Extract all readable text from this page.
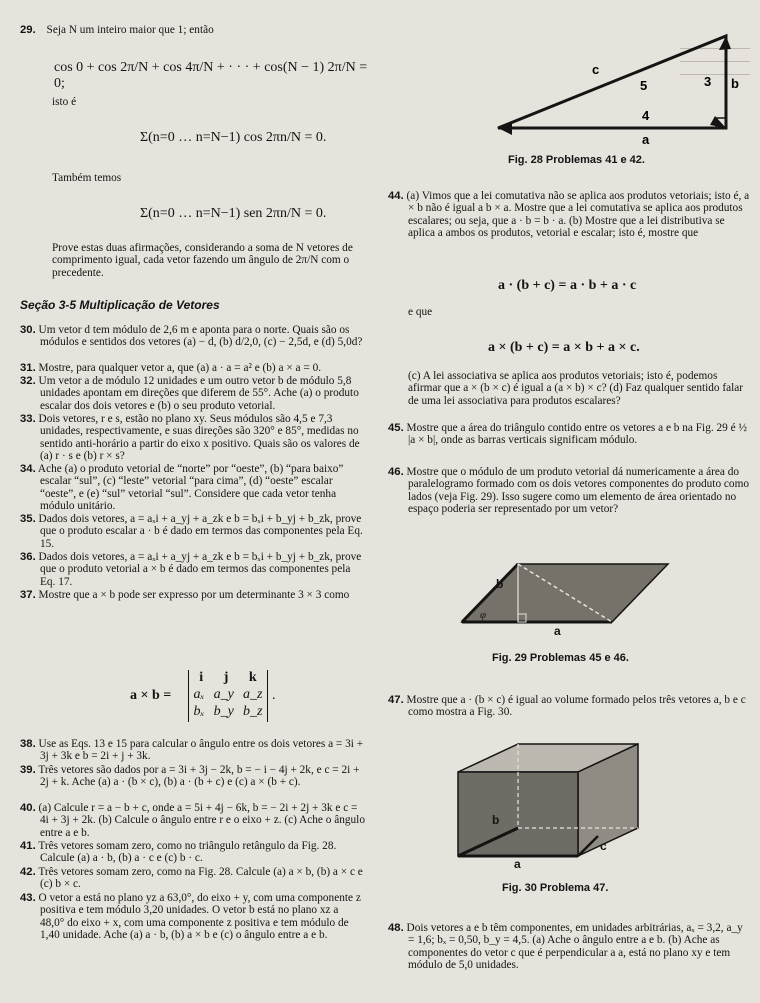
29. Seja N um inteiro maior que 1; então
cos 0 + cos 2π/N + cos 4π/N + · · · + cos(N − 1) 2π/N = 0;
isto é
Σ(n=0 … n=N−1) cos 2πn/N = 0.
Também temos
Σ(n=0 … n=N−1) sen 2πn/N = 0.
Prove estas duas afirmações, considerando a soma de N vetores de comprimento igual, cada vetor fazendo um ângulo de 2π/N com o precedente.
Seção 3-5 Multiplicação de Vetores

30. Um vetor d tem módulo de 2,6 m e aponta para o norte. Quais são os módulos e sentidos dos vetores (a) − d, (b) d/2,0, (c) − 2,5d, e (d) 5,0d?

31. Mostre, para qualquer vetor a, que (a) a · a = a² e (b) a × a = 0.

32. Um vetor a de módulo 12 unidades e um outro vetor b de módulo 5,8 unidades apontam em direções que diferem de 55°. Ache (a) o produto escalar dos dois vetores e (b) o seu produto vetorial.

33. Dois vetores, r e s, estão no plano xy. Seus módulos são 4,5 e 7,3 unidades, respectivamente, e suas direções são 320° e 85°, medidas no sentido anti-horário a partir do eixo x positivo. Quais são os valores de (a) r · s e (b) r × s?

34. Ache (a) o produto vetorial de “norte” por “oeste”, (b) “para baixo” escalar “sul”, (c) “leste” vetorial “para cima”, (d) “oeste” escalar “oeste”, e (e) “sul” vetorial “sul”. Considere que cada vetor tenha módulo unitário.

35. Dados dois vetores, a = aₓi + a_yj + a_zk e b = bₓi + b_yj + b_zk, prove que o produto escalar a · b é dado em termos das componentes pela Eq. 15.

36. Dados dois vetores, a = aₓi + a_yj + a_zk e b = bₓi + b_yj + b_zk, prove que o produto vetorial a × b é dado em termos das componentes pela Eq. 17.

37. Mostre que a × b pode ser expresso por um determinante 3 × 3 como

a × b =
i j k
aₓ a_y a_z
bₓ b_y b_z
.

38. Use as Eqs. 13 e 15 para calcular o ângulo entre os dois vetores a = 3i + 3j + 3k e b = 2i + j + 3k.

39. Três vetores são dados por a = 3i + 3j − 2k, b = − i − 4j + 2k, e c = 2i + 2j + k. Ache (a) a · (b × c), (b) a · (b + c) e (c) a × (b + c).

40. (a) Calcule r = a − b + c, onde a = 5i + 4j − 6k, b = − 2i + 2j + 3k e c = 4i + 3j + 2k. (b) Calcule o ângulo entre r e o eixo + z. (c) Ache o ângulo entre a e b.

41. Três vetores somam zero, como no triângulo retângulo da Fig. 28. Calcule (a) a · b, (b) a · c e (c) b · c.

42. Três vetores somam zero, como na Fig. 28. Calcule (a) a × b, (b) a × c e (c) b × c.

43. O vetor a está no plano yz a 63,0°, do eixo + y, com uma componente z positiva e tem módulo 3,20 unidades. O vetor b está no plano xz a 48,0° do eixo + x, com uma componente z positiva e tem módulo de 1,40 unidade. Ache (a) a · b, (b) a × b e (c) o ângulo entre a e b.

c
5	3 b
4
a
Fig. 28 Problemas 41 e 42.

44. (a) Vimos que a lei comutativa não se aplica aos produtos vetoriais; isto é, a × b não é igual a b × a. Mostre que a lei comutativa se aplica aos produtos escalares; ou seja, que a · b = b · a. (b) Mostre que a lei distributiva se aplica a ambos os produtos, vetorial e escalar; isto é, mostre que

a · (b + c) = a · b + a · c
e que
a × (b + c) = a × b + a × c.
(c) A lei associativa se aplica aos produtos vetoriais; isto é, podemos afirmar que a × (b × c) é igual a (a × b) × c? (d) Faz qualquer sentido falar de uma lei associativa para produtos escalares?

45. Mostre que a área do triângulo contido entre os vetores a e b na Fig. 29 é ½ |a × b|, onde as barras verticais significam módulo.

46. Mostre que o módulo de um produto vetorial dá numericamente a área do paralelogramo formado com os dois vetores componentes do produto como lados (veja Fig. 29). Isso sugere como um elemento de área orientado no espaço poderia ser representado por um vetor?

b
φ
a
Fig. 29 Problemas 45 e 46.

47. Mostre que a · (b × c) é igual ao volume formado pelos três vetores a, b e c como mostra a Fig. 30.

b
c
a
Fig. 30 Problema 47.

48. Dois vetores a e b têm componentes, em unidades arbitrárias, aₓ = 3,2, a_y = 1,6; bₓ = 0,50, b_y = 4,5. (a) Ache o ângulo entre a e b. (b) Ache as componentes do vetor c que é perpendicular a a, está no plano xy e tem módulo de 5,0 unidades.
